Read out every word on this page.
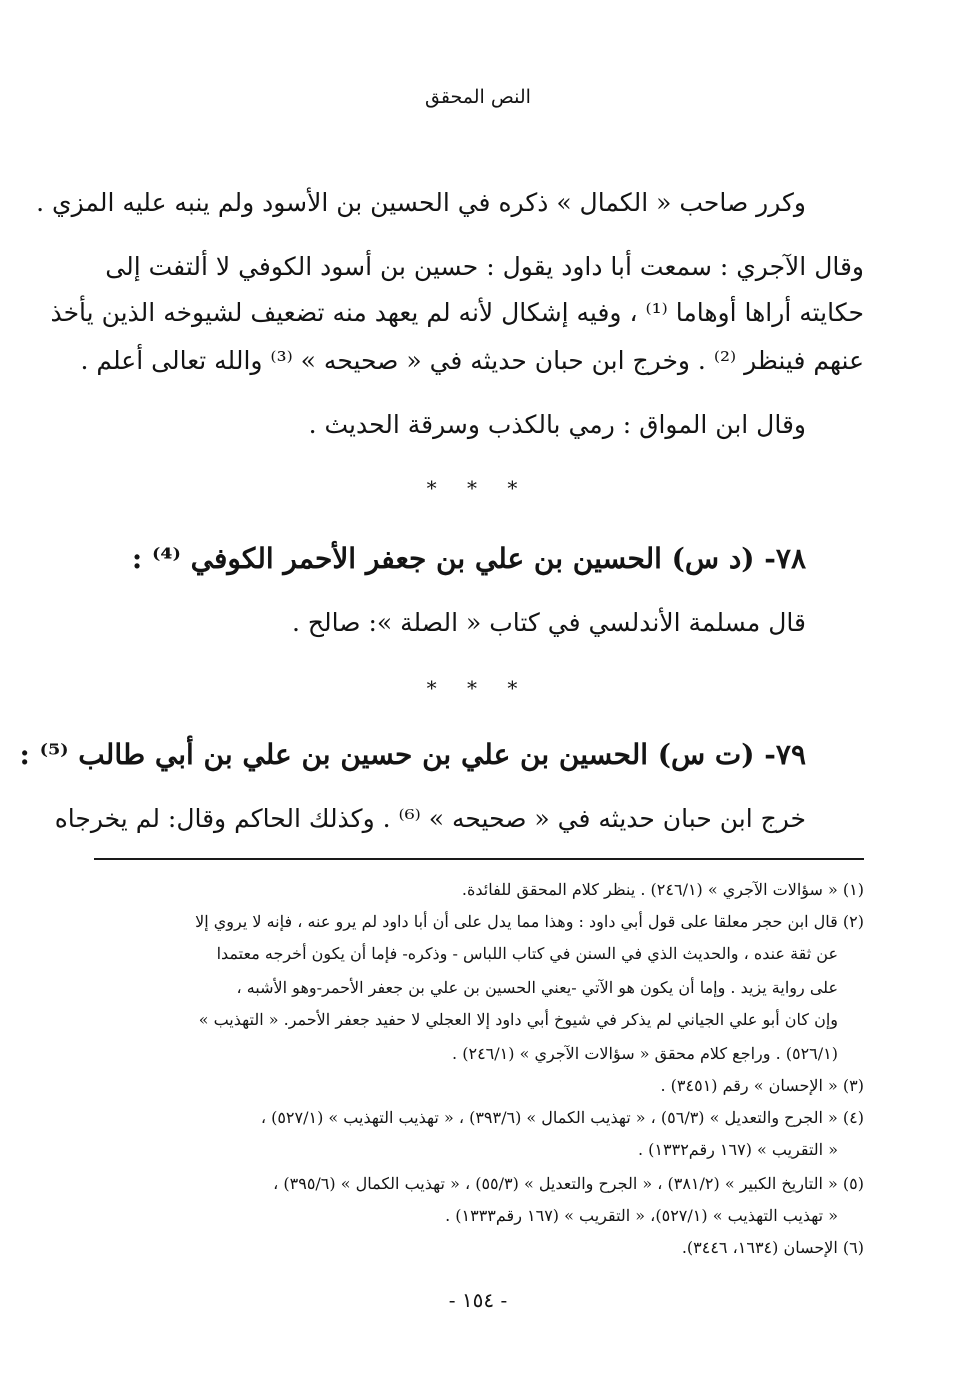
النص المحقق
وكرر صاحب « الكمال » ذكره في الحسين بن الأسود ولم ينبه عليه المزي .
وقال الآجري : سمعت أبا داود يقول : حسين بن أسود الكوفي لا ألتفت إلى
حكايته أراها أوهاما ⁽¹⁾ ، وفيه إشكال لأنه لم يعهد منه تضعيف لشيوخه الذين يأخذ
عنهم فينظر ⁽²⁾ . وخرج ابن حبان حديثه في « صحيحه » ⁽³⁾ والله تعالى أعلم .
وقال ابن المواق : رمي بالكذب وسرقة الحديث .
* * *
٧٨- (د س) الحسين بن علي بن جعفر الأحمر الكوفي ⁽⁴⁾ :
قال مسلمة الأندلسي في كتاب « الصلة »: صالح .
* * *
٧٩- (ت س) الحسين بن علي بن حسين بن علي بن أبي طالب ⁽⁵⁾ :
خرج ابن حبان حديثه في « صحيحه » ⁽⁶⁾ . وكذلك الحاكم وقال: لم يخرجاه
(١) « سؤالات الآجري » (٢٤٦/١) . ينظر كلام المحقق للفائدة.
(٢) قال ابن حجر معلقا على قول أبي داود : وهذا مما يدل على أن أبا داود لم يرو عنه ، فإنه لا يروي إلا
عن ثقة عنده ، والحديث الذي في السنن في كتاب اللباس - وذكره- فإما أن يكون أخرجه معتمدا
على رواية يزيد . وإما أن يكون هو الآتي -يعني الحسين بن علي بن جعفر الأحمر-وهو الأشبه ،
وإن كان أبو علي الجياني لم يذكر في شيوخ أبي داود إلا العجلي لا حفيد جعفر الأحمر. « التهذيب »
(٥٢٦/١) . وراجع كلام محقق « سؤالات الآجري » (٢٤٦/١) .
(٣) « الإحسان » رقم (٣٤٥١) .
(٤) « الجرح والتعديل » (٥٦/٣) ، « تهذيب الكمال » (٣٩٣/٦) ، « تهذيب التهذيب » (٥٢٧/١) ،
« التقريب » (١٦٧ رقم١٣٣٢) .
(٥) « التاريخ الكبير » (٣٨١/٢) ، « الجرح والتعديل » (٥٥/٣) ، « تهذيب الكمال » (٣٩٥/٦) ،
« تهذيب التهذيب » (٥٢٧/١)، « التقريب » (١٦٧ رقم١٣٣٣) .
(٦) الإحسان (١٦٣٤، ٣٤٤٦).
- ١٥٤ -
